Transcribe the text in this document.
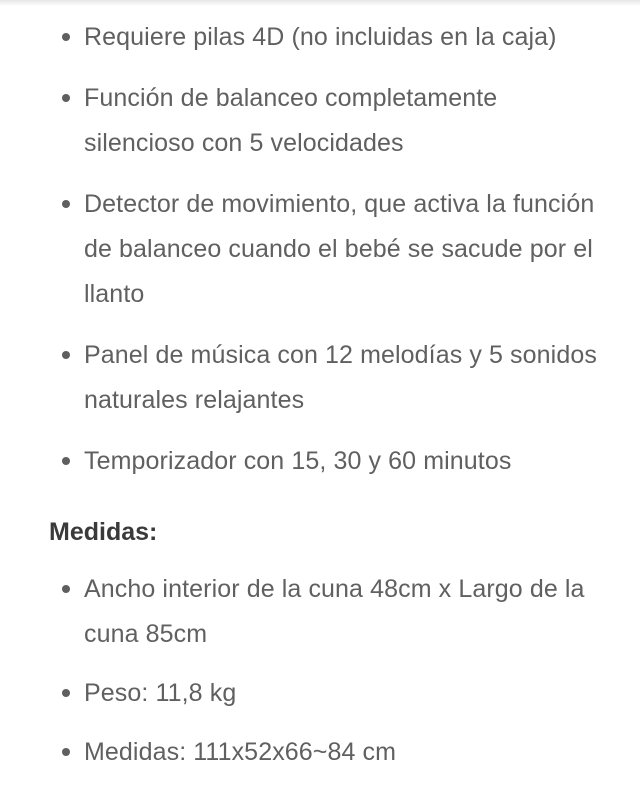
Requiere pilas 4D (no incluidas en la caja)
Función de balanceo completamente silencioso con 5 velocidades
Detector de movimiento, que activa la función de balanceo cuando el bebé se sacude por el llanto
Panel de música con 12 melodías y 5 sonidos naturales relajantes
Temporizador con 15, 30 y 60 minutos
Medidas:
Ancho interior de la cuna 48cm x Largo de la cuna 85cm
Peso: 11,8 kg
Medidas: 111x52x66~84 cm
